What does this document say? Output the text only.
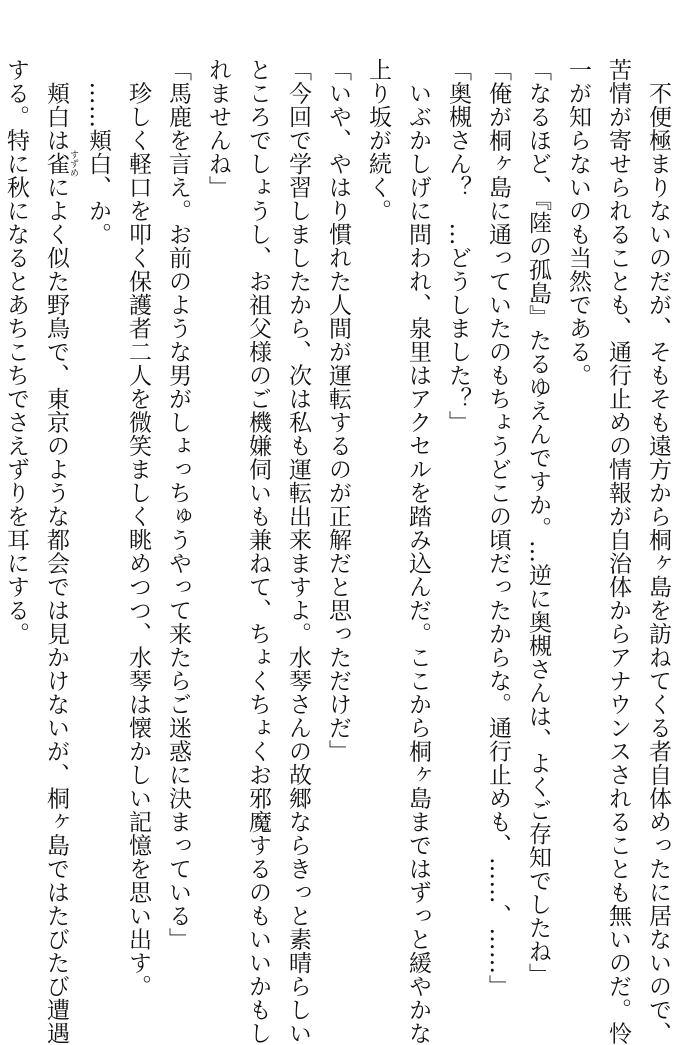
　不便極まりないのだが、そもそも遠方から桐ヶ島を訪ねてくる者自体めったに居ないので、
苦情が寄せられることも、通行止めの情報が自治体からアナウンスされることも無いのだ。怜
一が知らないのも当然である。
「なるほど、『陸の孤島』たるゆえんですか。…逆に奥槻さんは、よくご存知でしたね」
「俺が桐ヶ島に通っていたのもちょうどこの頃だったからな。通行止めも、……、……」
「奥槻さん？　…どうしました？」
　いぶかしげに問われ、泉里はアクセルを踏み込んだ。ここから桐ヶ島まではずっと緩やかな
上り坂が続く。
「いや、やはり慣れた人間が運転するのが正解だと思っただけだ」
「今回で学習しましたから、次は私も運転出来ますよ。水琴さんの故郷ならきっと素晴らしい
ところでしょうし、お祖父様のご機嫌伺いも兼ねて、ちょくちょくお邪魔するのもいいかもし
れませんね」
「馬鹿を言え。お前のような男がしょっちゅうやって来たらご迷惑に決まっている」
　珍しく軽口を叩く保護者二人を微笑ましく眺めつつ、水琴は懐かしい記憶を思い出す。
　……頬白、か。
　頬白は雀 すずめによく似た野鳥で、東京のような都会では見かけないが、桐ヶ島ではたびたび遭遇
する。特に秋になるとあちこちでさえずりを耳にする。
